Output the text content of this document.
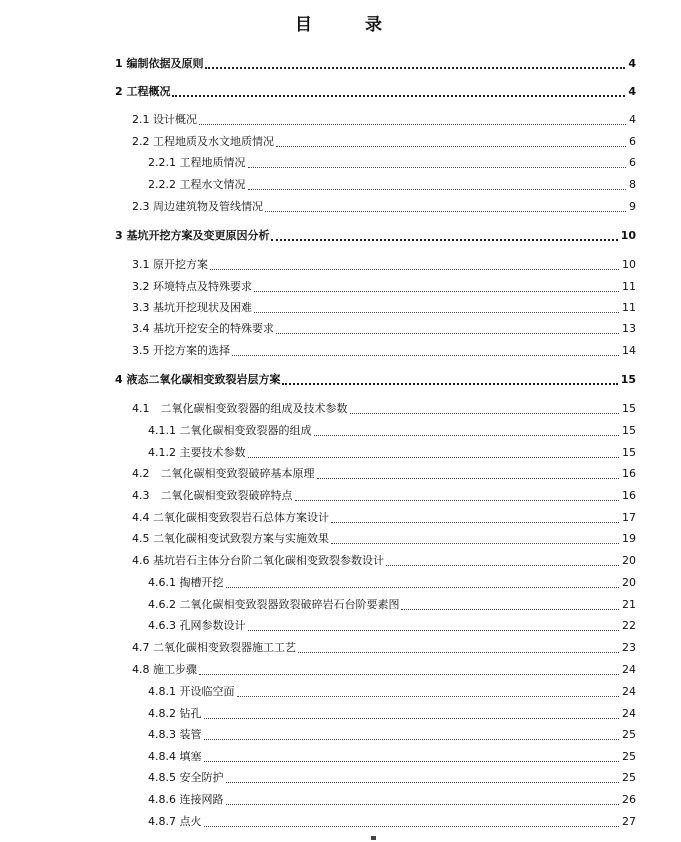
目　录
1 编制依据及原则	4
2 工程概况	4
2.1 设计概况	4
2.2 工程地质及水文地质情况	6
2.2.1 工程地质情况	6
2.2.2 工程水文情况	8
2.3 周边建筑物及管线情况	9
3 基坑开挖方案及变更原因分析	10
3.1 原开挖方案	10
3.2 环境特点及特殊要求	11
3.3 基坑开挖现状及困难	11
3.4 基坑开挖安全的特殊要求	13
3.5 开挖方案的选择	14
4 液态二氧化碳相变致裂岩层方案	15
4.1　二氧化碳相变致裂器的组成及技术参数	15
4.1.1 二氧化碳相变致裂器的组成	15
4.1.2 主要技术参数	15
4.2　二氧化碳相变致裂破碎基本原理	16
4.3　二氧化碳相变致裂破碎特点	16
4.4 二氧化碳相变致裂岩石总体方案设计	17
4.5 二氧化碳相变试致裂方案与实施效果	19
4.6 基坑岩石主体分台阶二氧化碳相变致裂参数设计	20
4.6.1 掏槽开挖	20
4.6.2 二氧化碳相变致裂器致裂破碎岩石台阶要素图	21
4.6.3 孔网参数设计	22
4.7 二氧化碳相变致裂器施工工艺	23
4.8 施工步骤	24
4.8.1 开设临空面	24
4.8.2 钻孔	24
4.8.3 装管	25
4.8.4 填塞	25
4.8.5 安全防护	25
4.8.6 连接网路	26
4.8.7 点火	27
